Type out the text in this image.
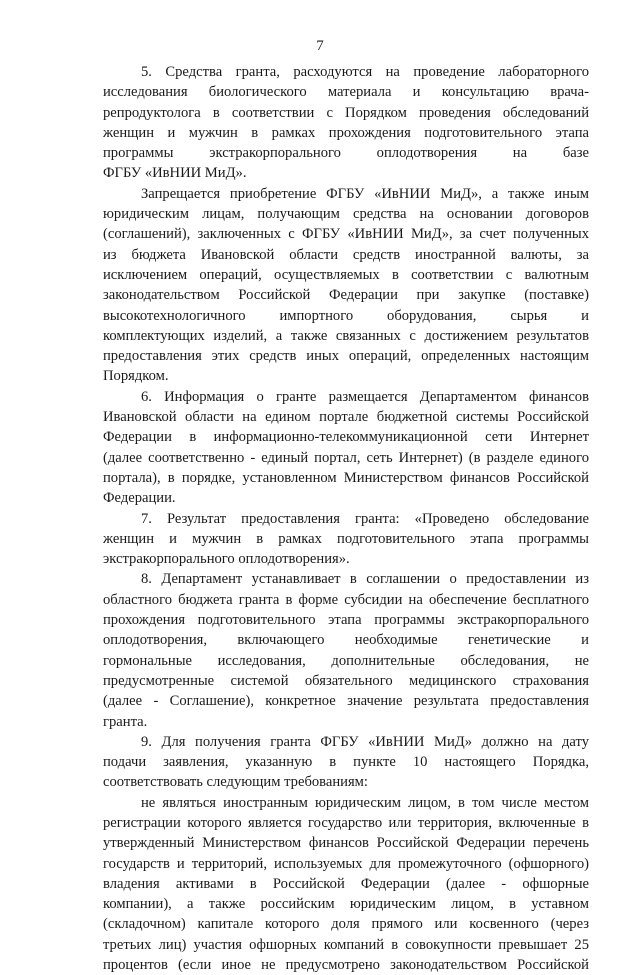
7
5. Средства гранта, расходуются на проведение лабораторного
исследования биологического материала и консультацию врача-
репродуктолога в соответствии с Порядком проведения обследований
женщин и мужчин в рамках прохождения подготовительного этапа
программы экстракорпорального оплодотворения на базе
ФГБУ «ИвНИИ МиД».
Запрещается приобретение ФГБУ «ИвНИИ МиД», а также иным
юридическим лицам, получающим средства на основании договоров
(соглашений), заключенных с ФГБУ «ИвНИИ МиД», за счет полученных
из бюджета Ивановской области средств иностранной валюты, за
исключением операций, осуществляемых в соответствии с валютным
законодательством Российской Федерации при закупке (поставке)
высокотехнологичного импортного оборудования, сырья и
комплектующих изделий, а также связанных с достижением результатов
предоставления этих средств иных операций, определенных настоящим
Порядком.
6. Информация о гранте размещается Департаментом финансов
Ивановской области на едином портале бюджетной системы Российской
Федерации в информационно-телекоммуникационной сети Интернет
(далее соответственно - единый портал, сеть Интернет) (в разделе единого
портала), в порядке, установленном Министерством финансов Российской
Федерации.
7. Результат предоставления гранта: «Проведено обследование
женщин и мужчин в рамках подготовительного этапа программы
экстракорпорального оплодотворения».
8. Департамент устанавливает в соглашении о предоставлении из
областного бюджета гранта в форме субсидии на обеспечение бесплатного
прохождения подготовительного этапа программы экстракорпорального
оплодотворения, включающего необходимые генетические и
гормональные исследования, дополнительные обследования, не
предусмотренные системой обязательного медицинского страхования
(далее - Соглашение), конкретное значение результата предоставления
гранта.
9. Для получения гранта ФГБУ «ИвНИИ МиД» должно на дату
подачи заявления, указанную в пункте 10 настоящего Порядка,
соответствовать следующим требованиям:
не являться иностранным юридическим лицом, в том числе местом
регистрации которого является государство или территория, включенные в
утвержденный Министерством финансов Российской Федерации перечень
государств и территорий, используемых для промежуточного (офшорного)
владения активами в Российской Федерации (далее - офшорные
компании), а также российским юридическим лицом, в уставном
(складочном) капитале которого доля прямого или косвенного (через
третьих лиц) участия офшорных компаний в совокупности превышает 25
процентов (если иное не предусмотрено законодательством Российской
